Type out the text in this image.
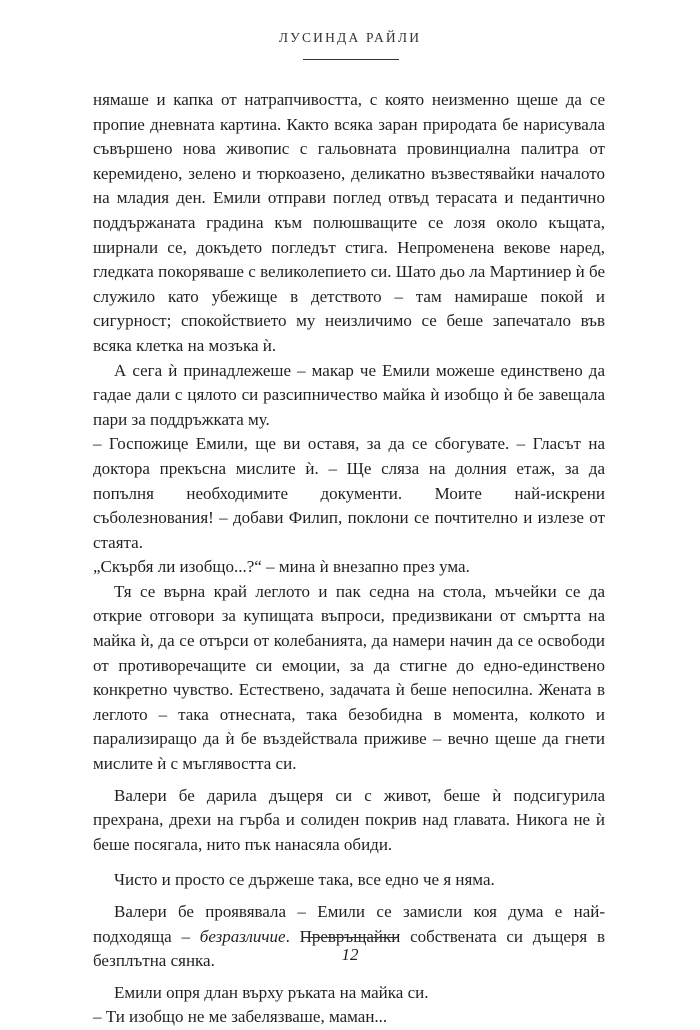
ЛУСИНДА РАЙЛИ

нямаше и капка от натрапчивостта, с която неизменно щеше да се пропие дневната картина. Както всяка заран природата бе нарисувала съвършено нова живопис с гальовната провинциална палитра от керемидено, зелено и тюркоазено, деликатно възвестявайки началото на младия ден. Емили отправи поглед отвъд терасата и педантично поддържаната градина към полюшващите се лозя около къщата, ширнали се, докъдето погледът стига. Непроменена векове наред, гледката покоряваше с великолепието си. Шато дьо ла Мартиниер ѝ бе служило като убежище в детството – там намираше покой и сигурност; спокойствието му неизличимо се беше запечатало във всяка клетка на мозъка ѝ.

А сега ѝ принадлежеше – макар че Емили можеше единствено да гадае дали с цялото си разсипничество майка ѝ изобщо ѝ бе завещала пари за поддръжката му.

– Госпожице Емили, ще ви оставя, за да се сбогувате. – Гласът на доктора прекъсна мислите ѝ. – Ще сляза на долния етаж, за да попълня необходимите документи. Моите най-искрени съболезнования! – добави Филип, поклони се почтително и излезе от стаята.

„Скърбя ли изобщо...?“ – мина ѝ внезапно през ума.

Тя се върна край леглото и пак седна на стола, мъчейки се да открие отговори за купищата въпроси, предизвикани от смъртта на майка ѝ, да се отърси от колебанията, да намери начин да се освободи от противоречащите си емоции, за да стигне до едно-единствено конкретно чувство. Естествено, задачата ѝ беше непосилна. Жената в леглото – така отнеснатa, така безобидна в момента, колкото и парализиращо да ѝ бе въздействала приживе – вечно щеше да гнети мислите ѝ с мъглявостта си.

Валери бе дарила дъщеря си с живот, беше ѝ подсигурила прехрана, дрехи на гърба и солиден покрив над главата. Никога не ѝ беше посягала, нито пък нанасяла обиди.

Чисто и просто се държеше така, все едно че я няма.

Валери бе проявявала – Емили се замисли коя дума е най-подходяща – безразличие. Превръщайки собствената си дъщеря в безплътна сянка.

Емили опря длан върху ръката на майка си.

– Ти изобщо не ме забелязваше, маман...

12
